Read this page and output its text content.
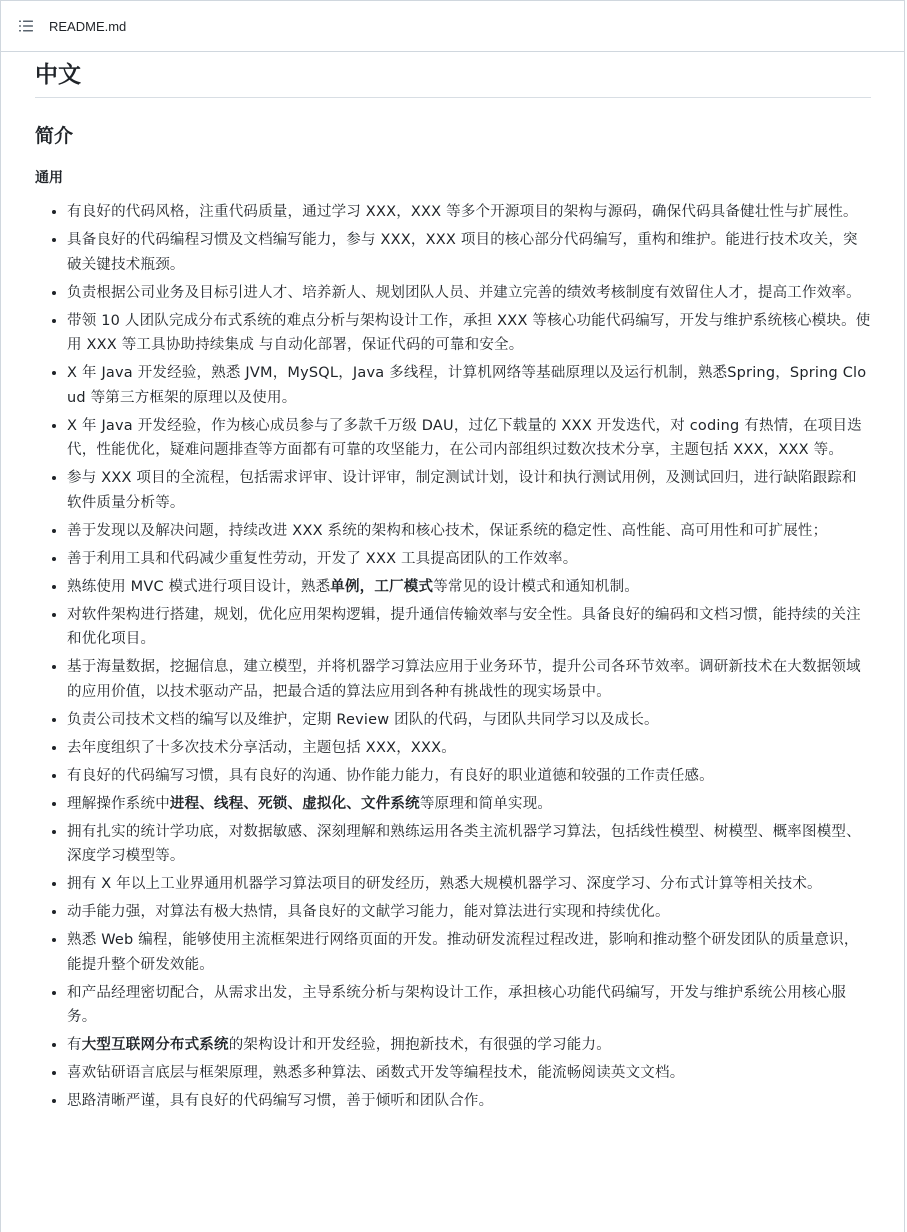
README.md
中文
简介
通用
• 有良好的代码风格，注重代码质量，通过学习 XXX，XXX 等多个开源项目的架构与源码，确保代码具备健壮性与扩展性。
• 具备良好的代码编程习惯及文档编写能力，参与 XXX，XXX 项目的核心部分代码编写，重构和维护。能进行技术攻关，突破关键技术瓶颈。
• 负责根据公司业务及目标引进人才、培养新人、规划团队人员、并建立完善的绩效考核制度有效留住人才，提高工作效率。
• 带领 10 人团队完成分布式系统的难点分析与架构设计工作，承担 XXX 等核心功能代码编写，开发与维护系统核心模块。使用 XXX 等工具协助持续集成 与自动化部署，保证代码的可靠和安全。
• X 年 Java 开发经验，熟悉 JVM，MySQL，Java 多线程，计算机网络等基础原理以及运行机制，熟悉Spring，Spring Cloud 等第三方框架的原理以及使用。
• X 年 Java 开发经验，作为核心成员参与了多款千万级 DAU，过亿下载量的 XXX 开发迭代，对 coding 有热情，在项目迭代，性能优化，疑难问题排查等方面都有可靠的攻坚能力，在公司内部组织过数次技术分享，主题包括 XXX，XXX 等。
• 参与 XXX 项目的全流程，包括需求评审、设计评审，制定测试计划，设计和执行测试用例，及测试回归，进行缺陷跟踪和软件质量分析等。
• 善于发现以及解决问题，持续改进 XXX 系统的架构和核心技术，保证系统的稳定性、高性能、高可用性和可扩展性；
• 善于利用工具和代码减少重复性劳动，开发了 XXX 工具提高团队的工作效率。
• 熟练使用 MVC 模式进行项目设计，熟悉单例，工厂模式等常见的设计模式和通知机制。
• 对软件架构进行搭建，规划，优化应用架构逻辑，提升通信传输效率与安全性。具备良好的编码和文档习惯，能持续的关注和优化项目。
• 基于海量数据，挖掘信息，建立模型，并将机器学习算法应用于业务环节，提升公司各环节效率。调研新技术在大数据领域的应用价值，以技术驱动产品，把最合适的算法应用到各种有挑战性的现实场景中。
• 负责公司技术文档的编写以及维护，定期 Review 团队的代码，与团队共同学习以及成长。
• 去年度组织了十多次技术分享活动，主题包括 XXX，XXX。
• 有良好的代码编写习惯，具有良好的沟通、协作能力能力，有良好的职业道德和较强的工作责任感。
• 理解操作系统中进程、线程、死锁、虚拟化、文件系统等原理和简单实现。
• 拥有扎实的统计学功底，对数据敏感、深刻理解和熟练运用各类主流机器学习算法，包括线性模型、树模型、概率图模型、深度学习模型等。
• 拥有 X 年以上工业界通用机器学习算法项目的研发经历，熟悉大规模机器学习、深度学习、分布式计算等相关技术。
• 动手能力强，对算法有极大热情，具备良好的文献学习能力，能对算法进行实现和持续优化。
• 熟悉 Web 编程，能够使用主流框架进行网络页面的开发。推动研发流程过程改进，影响和推动整个研发团队的质量意识，能提升整个研发效能。
• 和产品经理密切配合，从需求出发，主导系统分析与架构设计工作，承担核心功能代码编写，开发与维护系统公用核心服务。
• 有大型互联网分布式系统的架构设计和开发经验，拥抱新技术，有很强的学习能力。
• 喜欢钻研语言底层与框架原理，熟悉多种算法、函数式开发等编程技术，能流畅阅读英文文档。
• 思路清晰严谨，具有良好的代码编写习惯，善于倾听和团队合作。
